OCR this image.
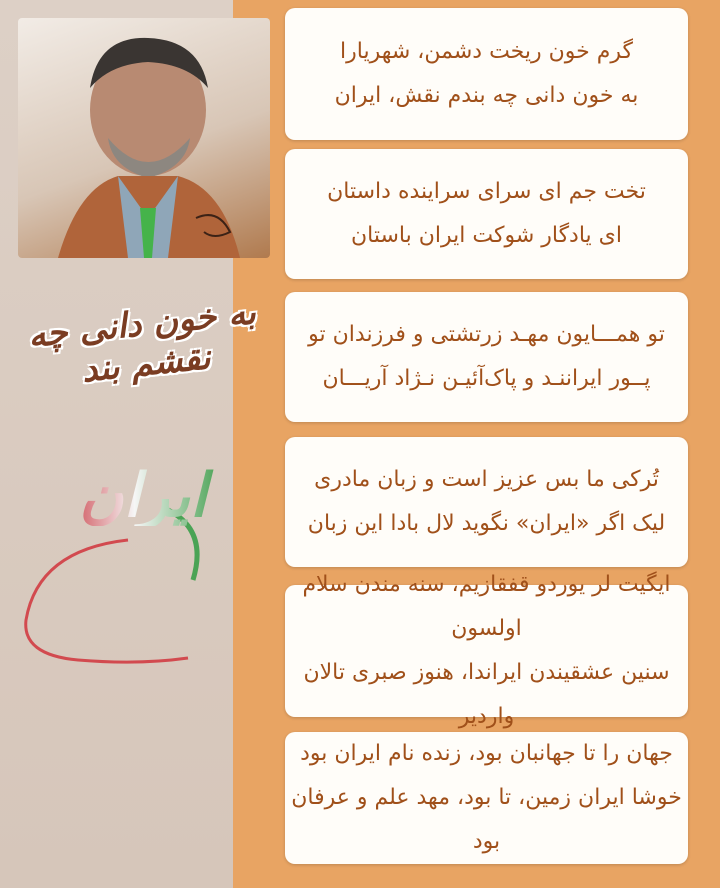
به خون دانی چه نقشم بند
ایران
گرم خون ریخت دشمن، شهریارا
به خون دانی چه بندم نقش، ایران
تخت جم ای سرای سراینده داستان
ای یادگار شوکت ایران باستان
تو همـــایون مهـد زرتشتی و فرزندان تو
پــور ایراننـد و پاک‌آئیـن نـژاد آریـــان
تُرکی ما بس عزیز است و زبان مادری
لیک اگر «ایران» نگوید لال بادا این زبان
ایگیت لر یوردو قفقازیم، سنه مندن سلام اولسون
سنین عشقیندن ایراندا، هنوز صبری تالان واردیر
جهان را تا جهانبان بود، زنده نام ایران بود
خوشا ایران زمین، تا بود، مهد علم و عرفان بود
